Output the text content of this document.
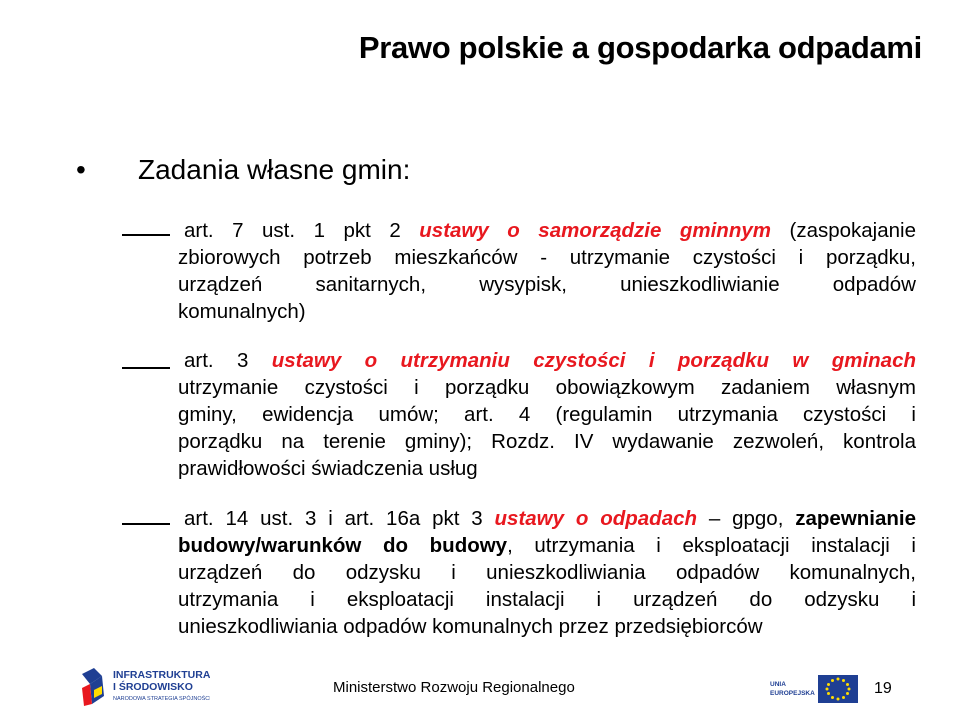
Prawo polskie a gospodarka odpadami
•	Zadania własne gmin:
art. 7 ust. 1 pkt 2 ustawy o samorządzie gminnym (zaspokajanie
zbiorowych potrzeb mieszkańców - utrzymanie czystości i porządku,
urządzeń sanitarnych, wysypisk, unieszkodliwianie odpadów
komunalnych)
art. 3 ustawy o utrzymaniu czystości i porządku w gminach
utrzymanie czystości i porządku obowiązkowym zadaniem własnym
gminy, ewidencja umów; art. 4 (regulamin utrzymania czystości i
porządku na terenie gminy); Rozdz. IV wydawanie zezwoleń, kontrola
prawidłowości świadczenia usług
art. 14 ust. 3 i art. 16a pkt 3 ustawy o odpadach – gpgo, zapewnianie
budowy/warunków do budowy, utrzymania i eksploatacji instalacji i
urządzeń do odzysku i unieszkodliwiania odpadów komunalnych,
utrzymania i eksploatacji instalacji i urządzeń do odzysku i
unieszkodliwiania odpadów komunalnych przez przedsiębiorców
INFRASTRUKTURA
I ŚRODOWISKO
NARODOWA STRATEGIA SPÓJNOŚCI
Ministerstwo Rozwoju Regionalnego	UNIA
EUROPEJSKA	19
